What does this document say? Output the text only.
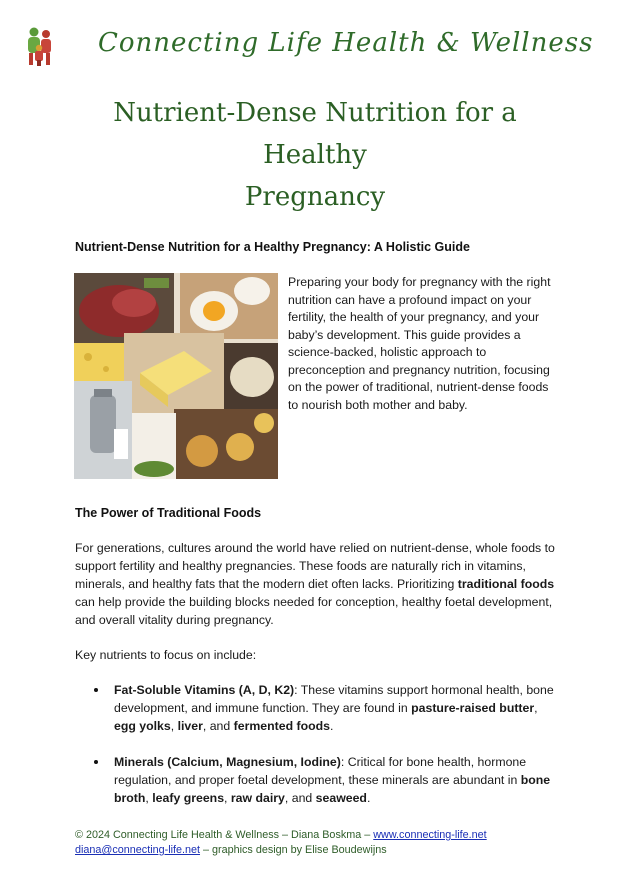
Connecting Life Health & Wellness
Nutrient-Dense Nutrition for a Healthy
Pregnancy
Nutrient-Dense Nutrition for a Healthy Pregnancy: A Holistic Guide

Preparing your body for pregnancy with the right nutrition can have a profound impact on your fertility, the health of your pregnancy, and your baby’s development. This guide provides a science-backed, holistic approach to preconception and pregnancy nutrition, focusing on the power of traditional, nutrient-dense foods to nourish both mother and baby.

The Power of Traditional Foods

For generations, cultures around the world have relied on nutrient-dense, whole foods to support fertility and healthy pregnancies. These foods are naturally rich in vitamins, minerals, and healthy fats that the modern diet often lacks. Prioritizing traditional foods can help provide the building blocks needed for conception, healthy foetal development, and overall vitality during pregnancy.

Key nutrients to focus on include:

Fat-Soluble Vitamins (A, D, K2): These vitamins support hormonal health, bone development, and immune function. They are found in pasture-raised butter, egg yolks, liver, and fermented foods.
Minerals (Calcium, Magnesium, Iodine): Critical for bone health, hormone regulation, and proper foetal development, these minerals are abundant in bone broth, leafy greens, raw dairy, and seaweed.
© 2024 Connecting Life Health & Wellness – Diana Boskma – www.connecting-life.net
diana@connecting-life.net – graphics design by Elise Boudewijns
